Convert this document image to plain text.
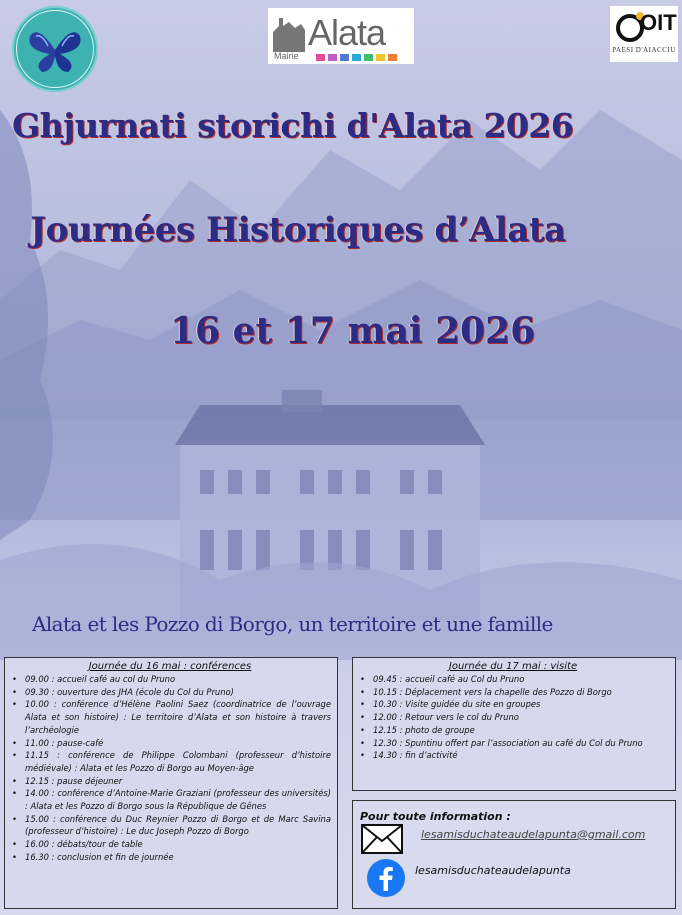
Alata
Mairie
OIT
PAESI D'AIACCIU
Ghjurnati storichi d'Alata 2026
Journées Historiques d’Alata
16 et 17 mai 2026
Alata et les Pozzo di Borgo, un territoire et une famille
Journée du 16 mai : conférences
• 09.00 : accueil café au col du Pruno
• 09.30 : ouverture des JHA (école du Col du Pruno)
• 10.00 : conférence d’Hélène Paolini Saez (coordinatrice de l’ouvrage Alata et son histoire) : Le territoire d’Alata et son histoire à travers l’archéologie
• 11.00 : pause-café
• 11.15 : conférence de Philippe Colombani (professeur d’histoire médiévale) : Alata et les Pozzo di Borgo au Moyen-âge
• 12.15 : pause déjeuner
• 14.00 : conférence d’Antoine-Marie Graziani (professeur des universités) : Alata et les Pozzo di Borgo sous la République de Gênes
• 15.00 : conférence du Duc Reynier Pozzo di Borgo et de Marc Savina (professeur d’histoire) : Le duc Joseph Pozzo di Borgo
• 16.00 : débats/tour de table
• 16.30 : conclusion et fin de journée
Journée du 17 mai : visite
• 09.45 : accueil café au Col du Pruno
• 10.15 : Déplacement vers la chapelle des Pozzo di Borgo
• 10.30 : Visite guidée du site en groupes
• 12.00 : Retour vers le col du Pruno
• 12.15 : photo de groupe
• 12.30 : Spuntinu offert par l’association au café du Col du Pruno
• 14.30 : fin d’activité
Pour toute information :
lesamisduchateaudelapunta@gmail.com
lesamisduchateaudelapunta
